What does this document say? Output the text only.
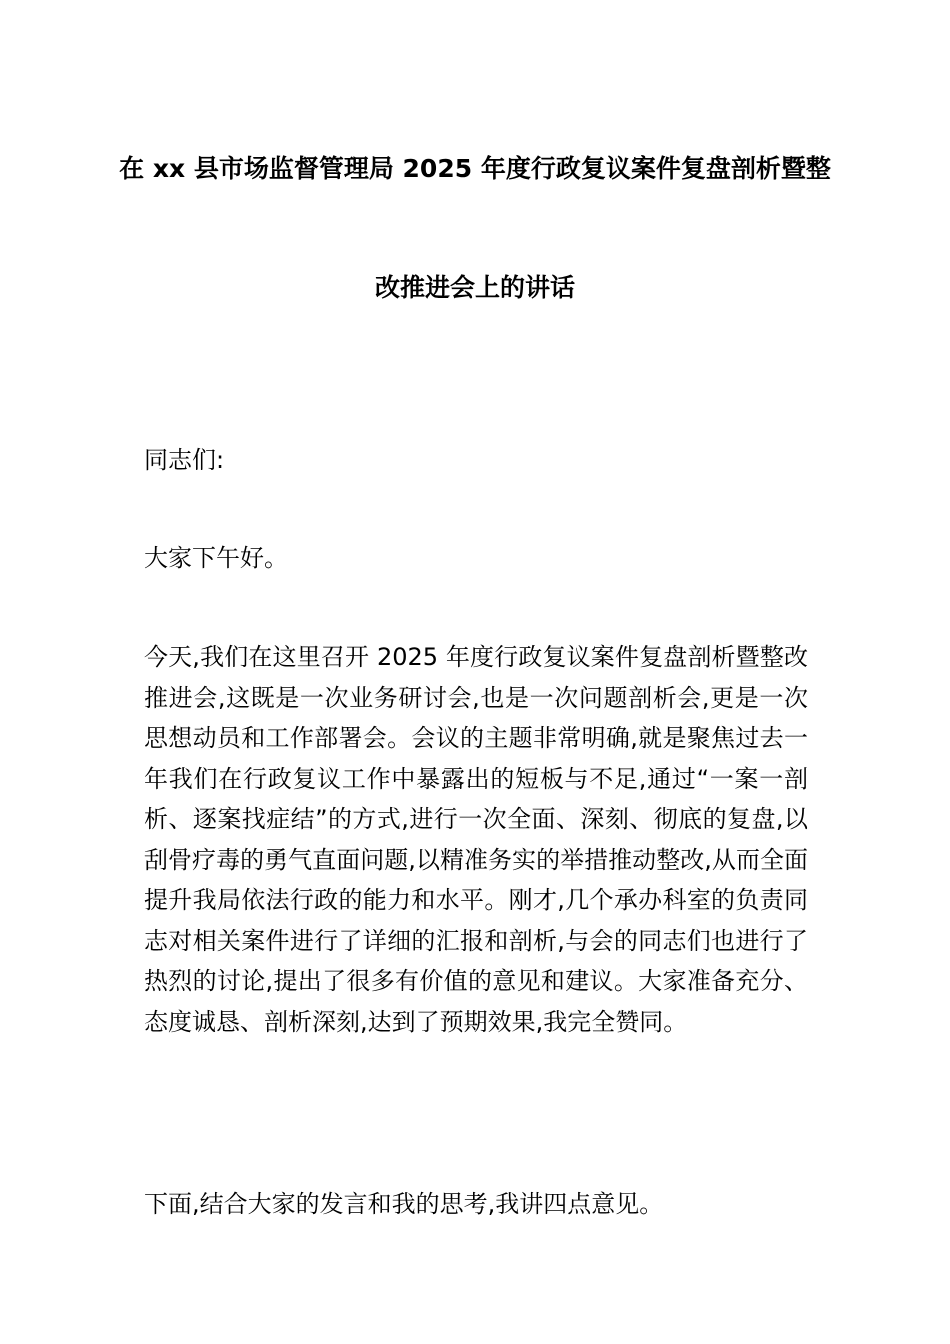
在 xx 县市场监督管理局 2025 年度行政复议案件复盘剖析暨整
改推进会上的讲话

同志们:

大家下午好。

今天,我们在这里召开 2025 年度行政复议案件复盘剖析暨整改推进会,这既是一次业务研讨会,也是一次问题剖析会,更是一次思想动员和工作部署会。会议的主题非常明确,就是聚焦过去一年我们在行政复议工作中暴露出的短板与不足,通过“一案一剖析、逐案找症结”的方式,进行一次全面、深刻、彻底的复盘,以刮骨疗毒的勇气直面问题,以精准务实的举措推动整改,从而全面提升我局依法行政的能力和水平。刚才,几个承办科室的负责同志对相关案件进行了详细的汇报和剖析,与会的同志们也进行了热烈的讨论,提出了很多有价值的意见和建议。大家准备充分、态度诚恳、剖析深刻,达到了预期效果,我完全赞同。

下面,结合大家的发言和我的思考,我讲四点意见。
